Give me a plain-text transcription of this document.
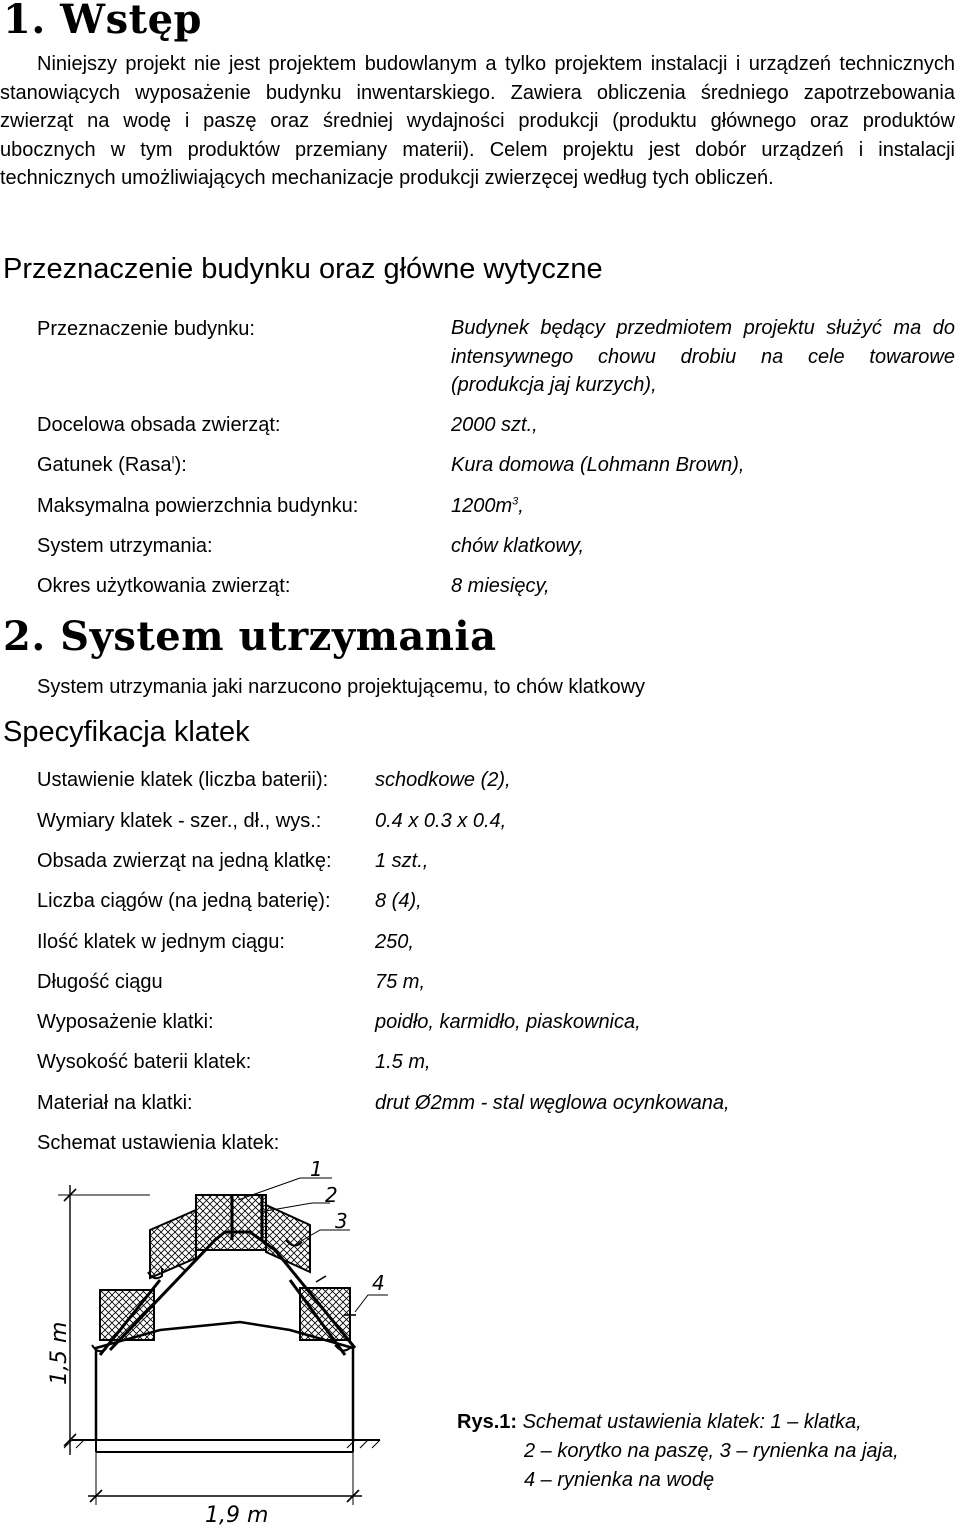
1. Wstęp

Niniejszy projekt nie jest projektem budowlanym a tylko projektem instalacji i urządzeń technicznych stanowiących wyposażenie budynku inwentarskiego. Zawiera obliczenia średniego zapotrzebowania zwierząt na wodę i paszę oraz średniej wydajności produkcji (produktu głównego oraz produktów ubocznych w tym produktów przemiany materii). Celem projektu jest dobór urządzeń i instalacji technicznych umożliwiających mechanizacje produkcji zwierzęcej według tych obliczeń.

Przeznaczenie budynku oraz główne wytyczne
Przeznaczenie budynku:	Budynek będący przedmiotem projektu służyć ma do intensywnego chowu drobiu na cele towarowe (produkcja jaj kurzych),
Docelowa obsada zwierząt:	2000 szt.,
Gatunek (Rasa$^I$):	Kura domowa (Lohmann Brown),
Maksymalna powierzchnia budynku:	$1200m^3$,
System utrzymania:	chów klatkowy,
Okres użytkowania zwierząt:	8 miesięcy,
2. System utrzymania
System utrzymania jaki narzucono projektującemu, to chów klatkowy
Specyfikacja klatek
Ustawienie klatek (liczba baterii): schodkowe (2),
Wymiary klatek - szer., dł., wys.:	0.4 x 0.3 x 0.4,
Obsada zwierząt na jedną klatkę: 1 szt.,
Liczba ciągów (na jedną baterię): 8 (4),
Ilość klatek w jednym ciągu:	250,
Długość ciągu	75 m,
Wyposażenie klatki:	poidło, karmidło, piaskownica,
Wysokość baterii klatek:	1.5 m,
Materiał na klatki:	drut Ø2mm - stal węglowa ocynkowana,
Schemat ustawienia klatek:
1,5 m
1,9 m
1
2
3
4
Rys.1: Schemat ustawienia klatek: 1 – klatka,
2 – korytko na paszę, 3 – rynienka na jaja,
4 – rynienka na wodę
